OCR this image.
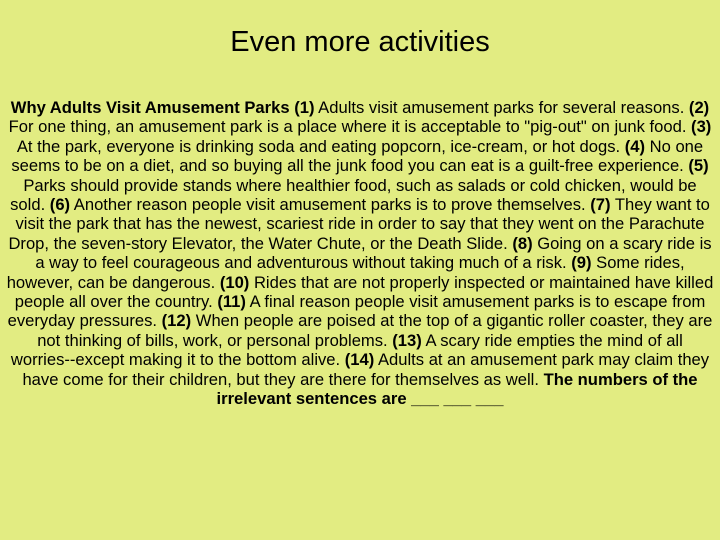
Even more activities

Why Adults Visit Amusement Parks (1) Adults visit amusement parks for several reasons. (2) For one thing, an amusement park is a place where it is acceptable to "pig-out" on junk food. (3) At the park, everyone is drinking soda and eating popcorn, ice-cream, or hot dogs. (4) No one seems to be on a diet, and so buying all the junk food you can eat is a guilt-free experience. (5) Parks should provide stands where healthier food, such as salads or cold chicken, would be sold. (6) Another reason people visit amusement parks is to prove themselves. (7) They want to visit the park that has the newest, scariest ride in order to say that they went on the Parachute Drop, the seven-story Elevator, the Water Chute, or the Death Slide. (8) Going on a scary ride is a way to feel courageous and adventurous without taking much of a risk. (9) Some rides, however, can be dangerous. (10) Rides that are not properly inspected or maintained have killed people all over the country. (11) A final reason people visit amusement parks is to escape from everyday pressures. (12) When people are poised at the top of a gigantic roller coaster, they are not thinking of bills, work, or personal problems. (13) A scary ride empties the mind of all worries--except making it to the bottom alive. (14) Adults at an amusement park may claim they have come for their children, but they are there for themselves as well. The numbers of the irrelevant sentences are ___ ___ ___
